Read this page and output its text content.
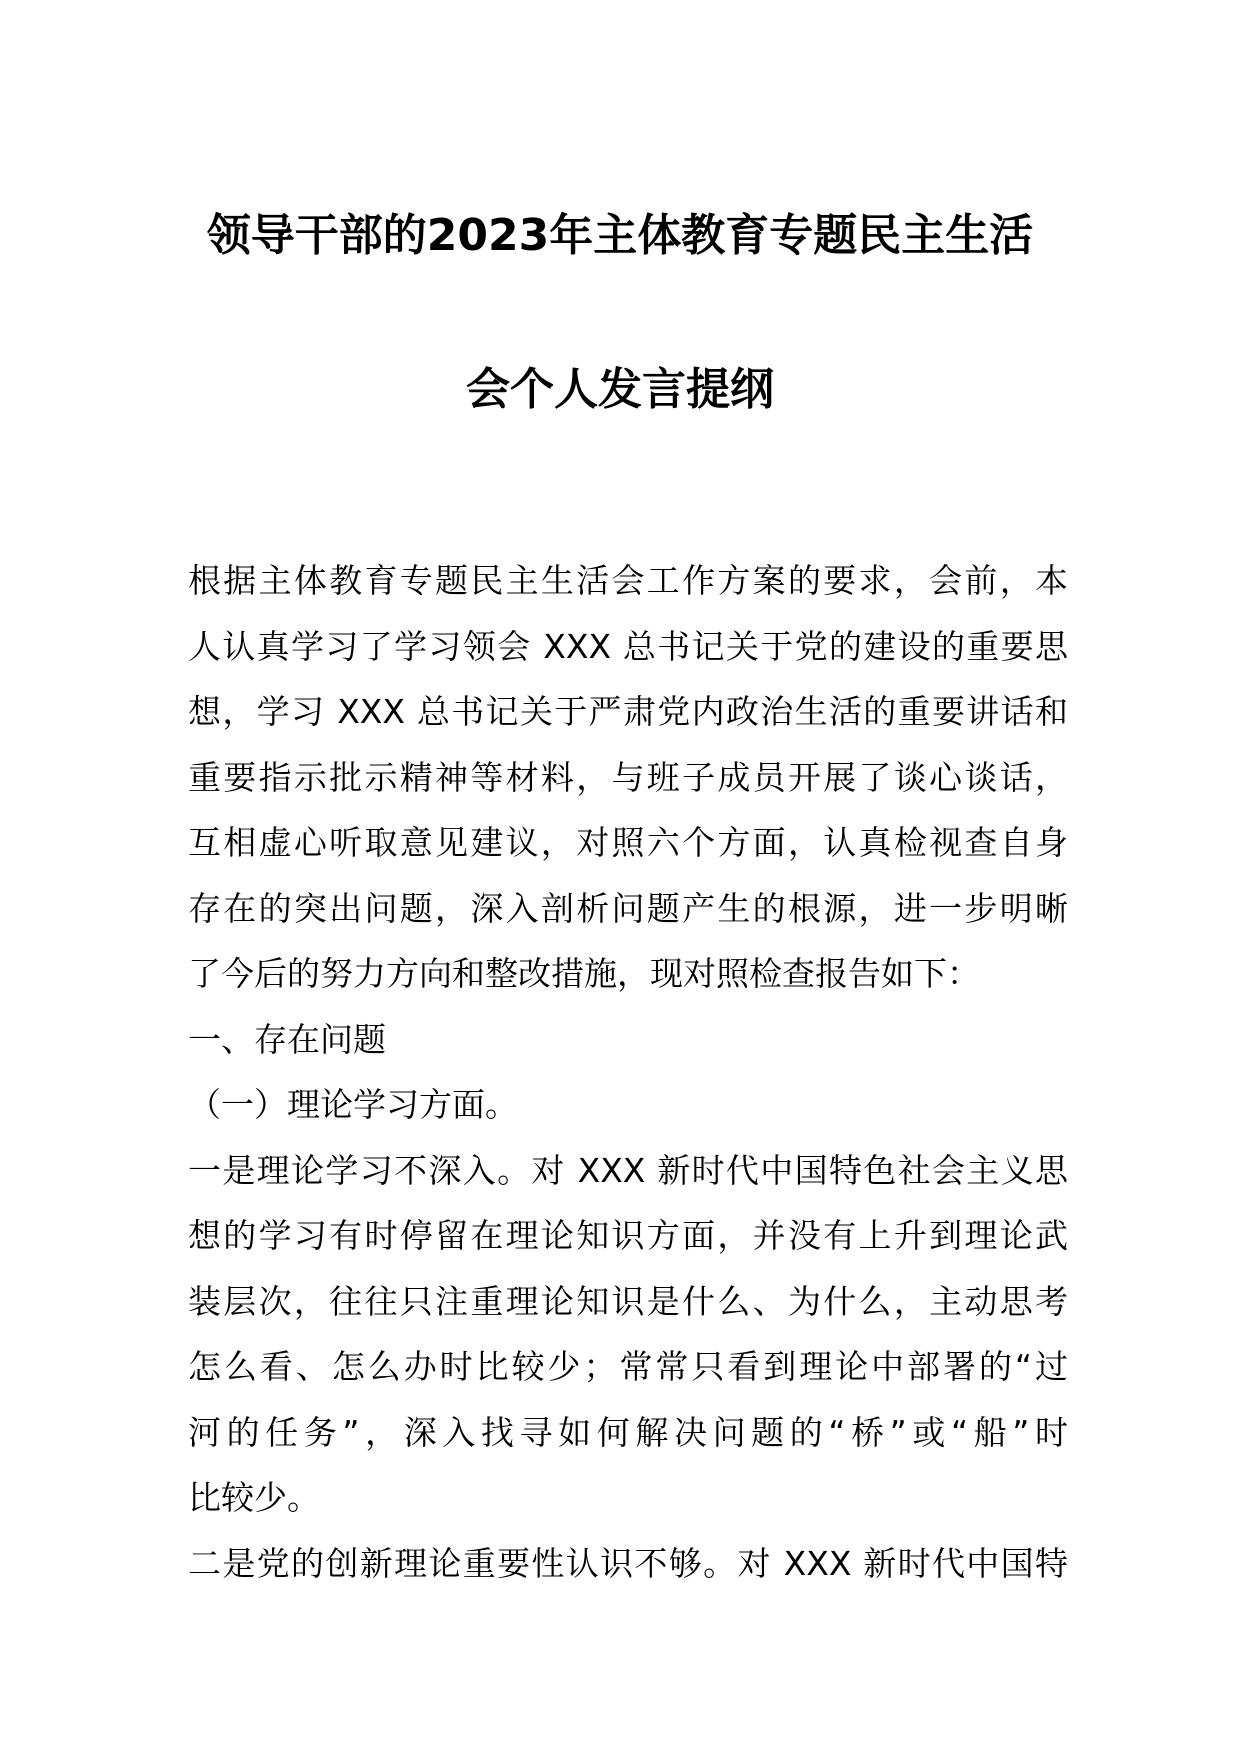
领导干部的2023年主体教育专题民主生活
会个人发言提纲
根据主体教育专题民主生活会工作方案的要求，会前，本
人认真学习了学习领会 XXX 总书记关于党的建设的重要思
想，学习 XXX 总书记关于严肃党内政治生活的重要讲话和
重要指示批示精神等材料，与班子成员开展了谈心谈话，
互相虚心听取意见建议，对照六个方面，认真检视查自身
存在的突出问题，深入剖析问题产生的根源，进一步明晰
了今后的努力方向和整改措施，现对照检查报告如下：
一、存在问题
（一）理论学习方面。
一是理论学习不深入。对 XXX 新时代中国特色社会主义思
想的学习有时停留在理论知识方面，并没有上升到理论武
装层次，往往只注重理论知识是什么、为什么，主动思考
怎么看、怎么办时比较少；常常只看到理论中部署的“过
河的任务”，深入找寻如何解决问题的“桥”或“船”时
比较少。
二是党的创新理论重要性认识不够。对 XXX 新时代中国特
